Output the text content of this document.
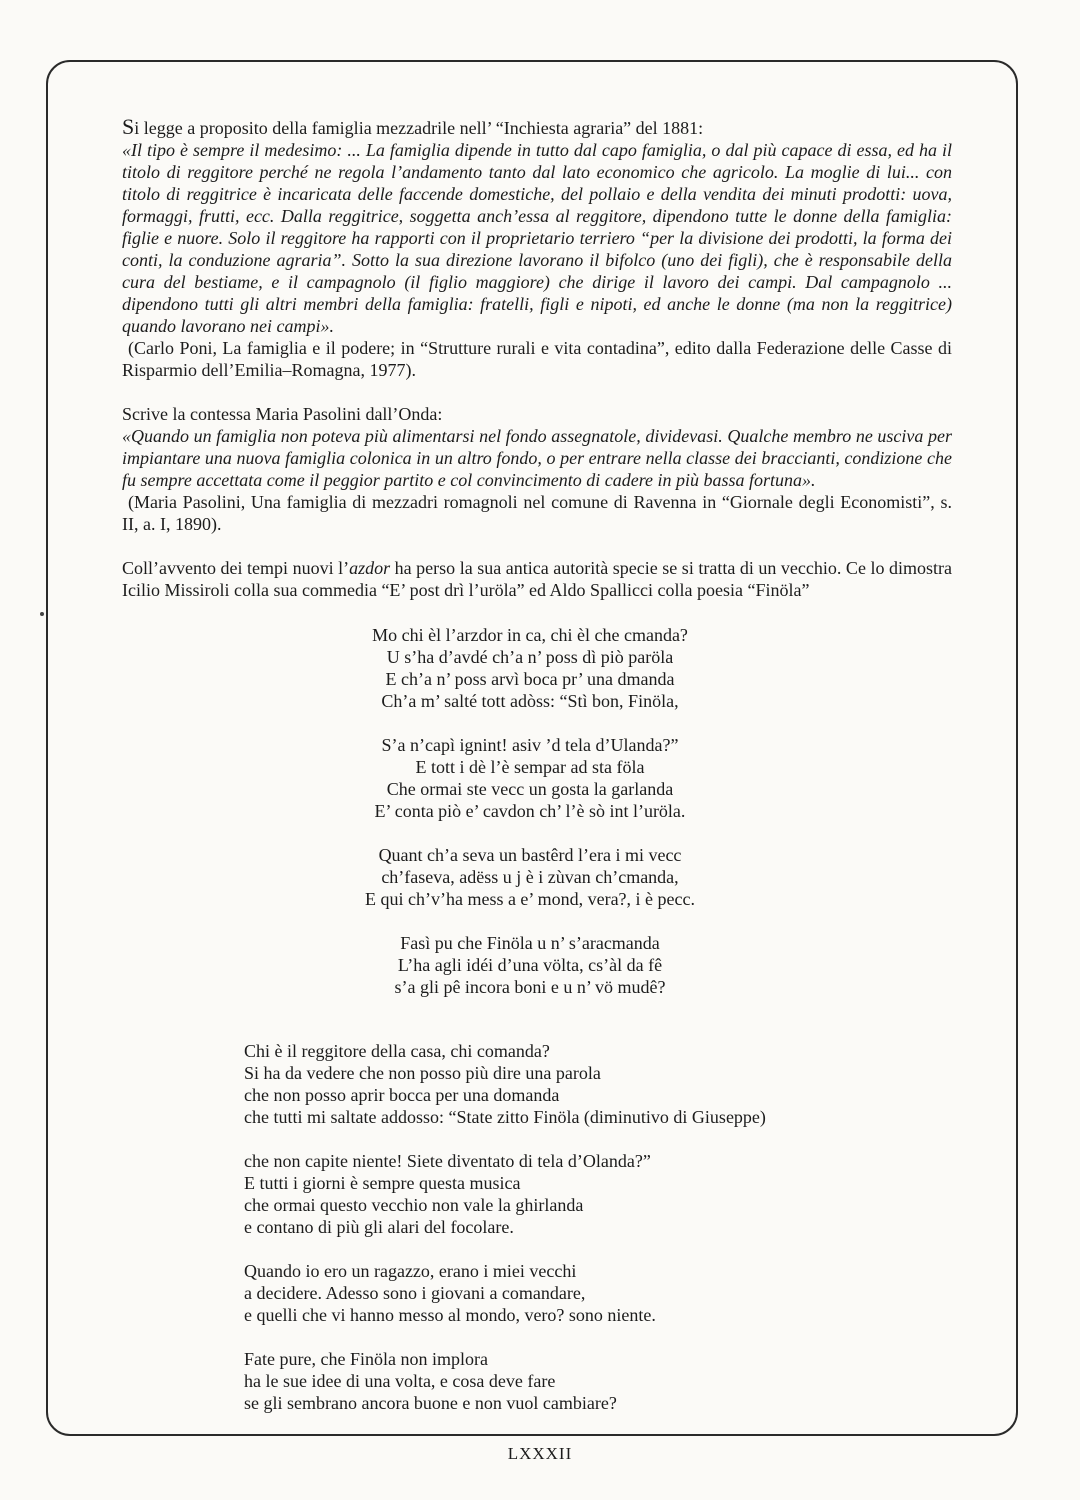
Si legge a proposito della famiglia mezzadrile nell’ “Inchiesta agraria” del 1881:

«Il tipo è sempre il medesimo: ... La famiglia dipende in tutto dal capo famiglia, o dal più capace di essa, ed ha il titolo di reggitore perché ne regola l’andamento tanto dal lato economico che agricolo. La moglie di lui... con titolo di reggitrice è incaricata delle faccende domestiche, del pollaio e della vendita dei minuti prodotti: uova, formaggi, frutti, ecc. Dalla reggitrice, soggetta anch’essa al reggitore, dipendono tutte le donne della famiglia: figlie e nuore. Solo il reggitore ha rapporti con il proprietario terriero “per la divisione dei prodotti, la forma dei conti, la conduzione agraria”. Sotto la sua direzione lavorano il bifolco (uno dei figli), che è responsabile della cura del bestiame, e il campagnolo (il figlio maggiore) che dirige il lavoro dei campi. Dal campagnolo ... dipendono tutti gli altri membri della famiglia: fratelli, figli e nipoti, ed anche le donne (ma non la reggitrice) quando lavorano nei campi».

(Carlo Poni, La famiglia e il podere; in “Strutture rurali e vita contadina”, edito dalla Federazione delle Casse di Risparmio dell’Emilia–Romagna, 1977).

Scrive la contessa Maria Pasolini dall’Onda:

«Quando un famiglia non poteva più alimentarsi nel fondo assegnatole, dividevasi. Qualche membro ne usciva per impiantare una nuova famiglia colonica in un altro fondo, o per entrare nella classe dei braccianti, condizione che fu sempre accettata come il peggior partito e col convincimento di cadere in più bassa fortuna».

(Maria Pasolini, Una famiglia di mezzadri romagnoli nel comune di Ravenna in “Giornale degli Economisti”, s. II, a. I, 1890).

Coll’avvento dei tempi nuovi l’azdor ha perso la sua antica autorità specie se si tratta di un vecchio. Ce lo dimostra Icilio Missiroli colla sua commedia “E’ post drì l’uröla” ed Aldo Spallicci colla poesia “Finöla”

Mo chi èl l’arzdor in ca, chi èl che cmanda?
U s’ha d’avdé ch’a n’ poss dì piò paröla
E ch’a n’ poss arvì boca pr’ una dmanda
Ch’a m’ salté tott adòss: “Stì bon, Finöla,
S’a n’capì ignint! asiv ’d tela d’Ulanda?”
E tott i dè l’è sempar ad sta föla
Che ormai ste vecc un gosta la garlanda
E’ conta piò e’ cavdon ch’ l’è sò int l’uröla.
Quant ch’a seva un bastêrd l’era i mi vecc
ch’faseva, adëss u j è i zùvan ch’cmanda,
E qui ch’v’ha mess a e’ mond, vera?, i è pecc.
Fasì pu che Finöla u n’ s’aracmanda
L’ha agli idéi d’una völta, cs’àl da fê
s’a gli pê incora boni e u n’ vö mudê?
Chi è il reggitore della casa, chi comanda?
Si ha da vedere che non posso più dire una parola
che non posso aprir bocca per una domanda
che tutti mi saltate addosso: “State zitto Finöla (diminutivo di Giuseppe)
che non capite niente! Siete diventato di tela d’Olanda?”
E tutti i giorni è sempre questa musica
che ormai questo vecchio non vale la ghirlanda
e contano di più gli alari del focolare.
Quando io ero un ragazzo, erano i miei vecchi
a decidere. Adesso sono i giovani a comandare,
e quelli che vi hanno messo al mondo, vero? sono niente.
Fate pure, che Finöla non implora
ha le sue idee di una volta, e cosa deve fare
se gli sembrano ancora buone e non vuol cambiare?
LXXXII
